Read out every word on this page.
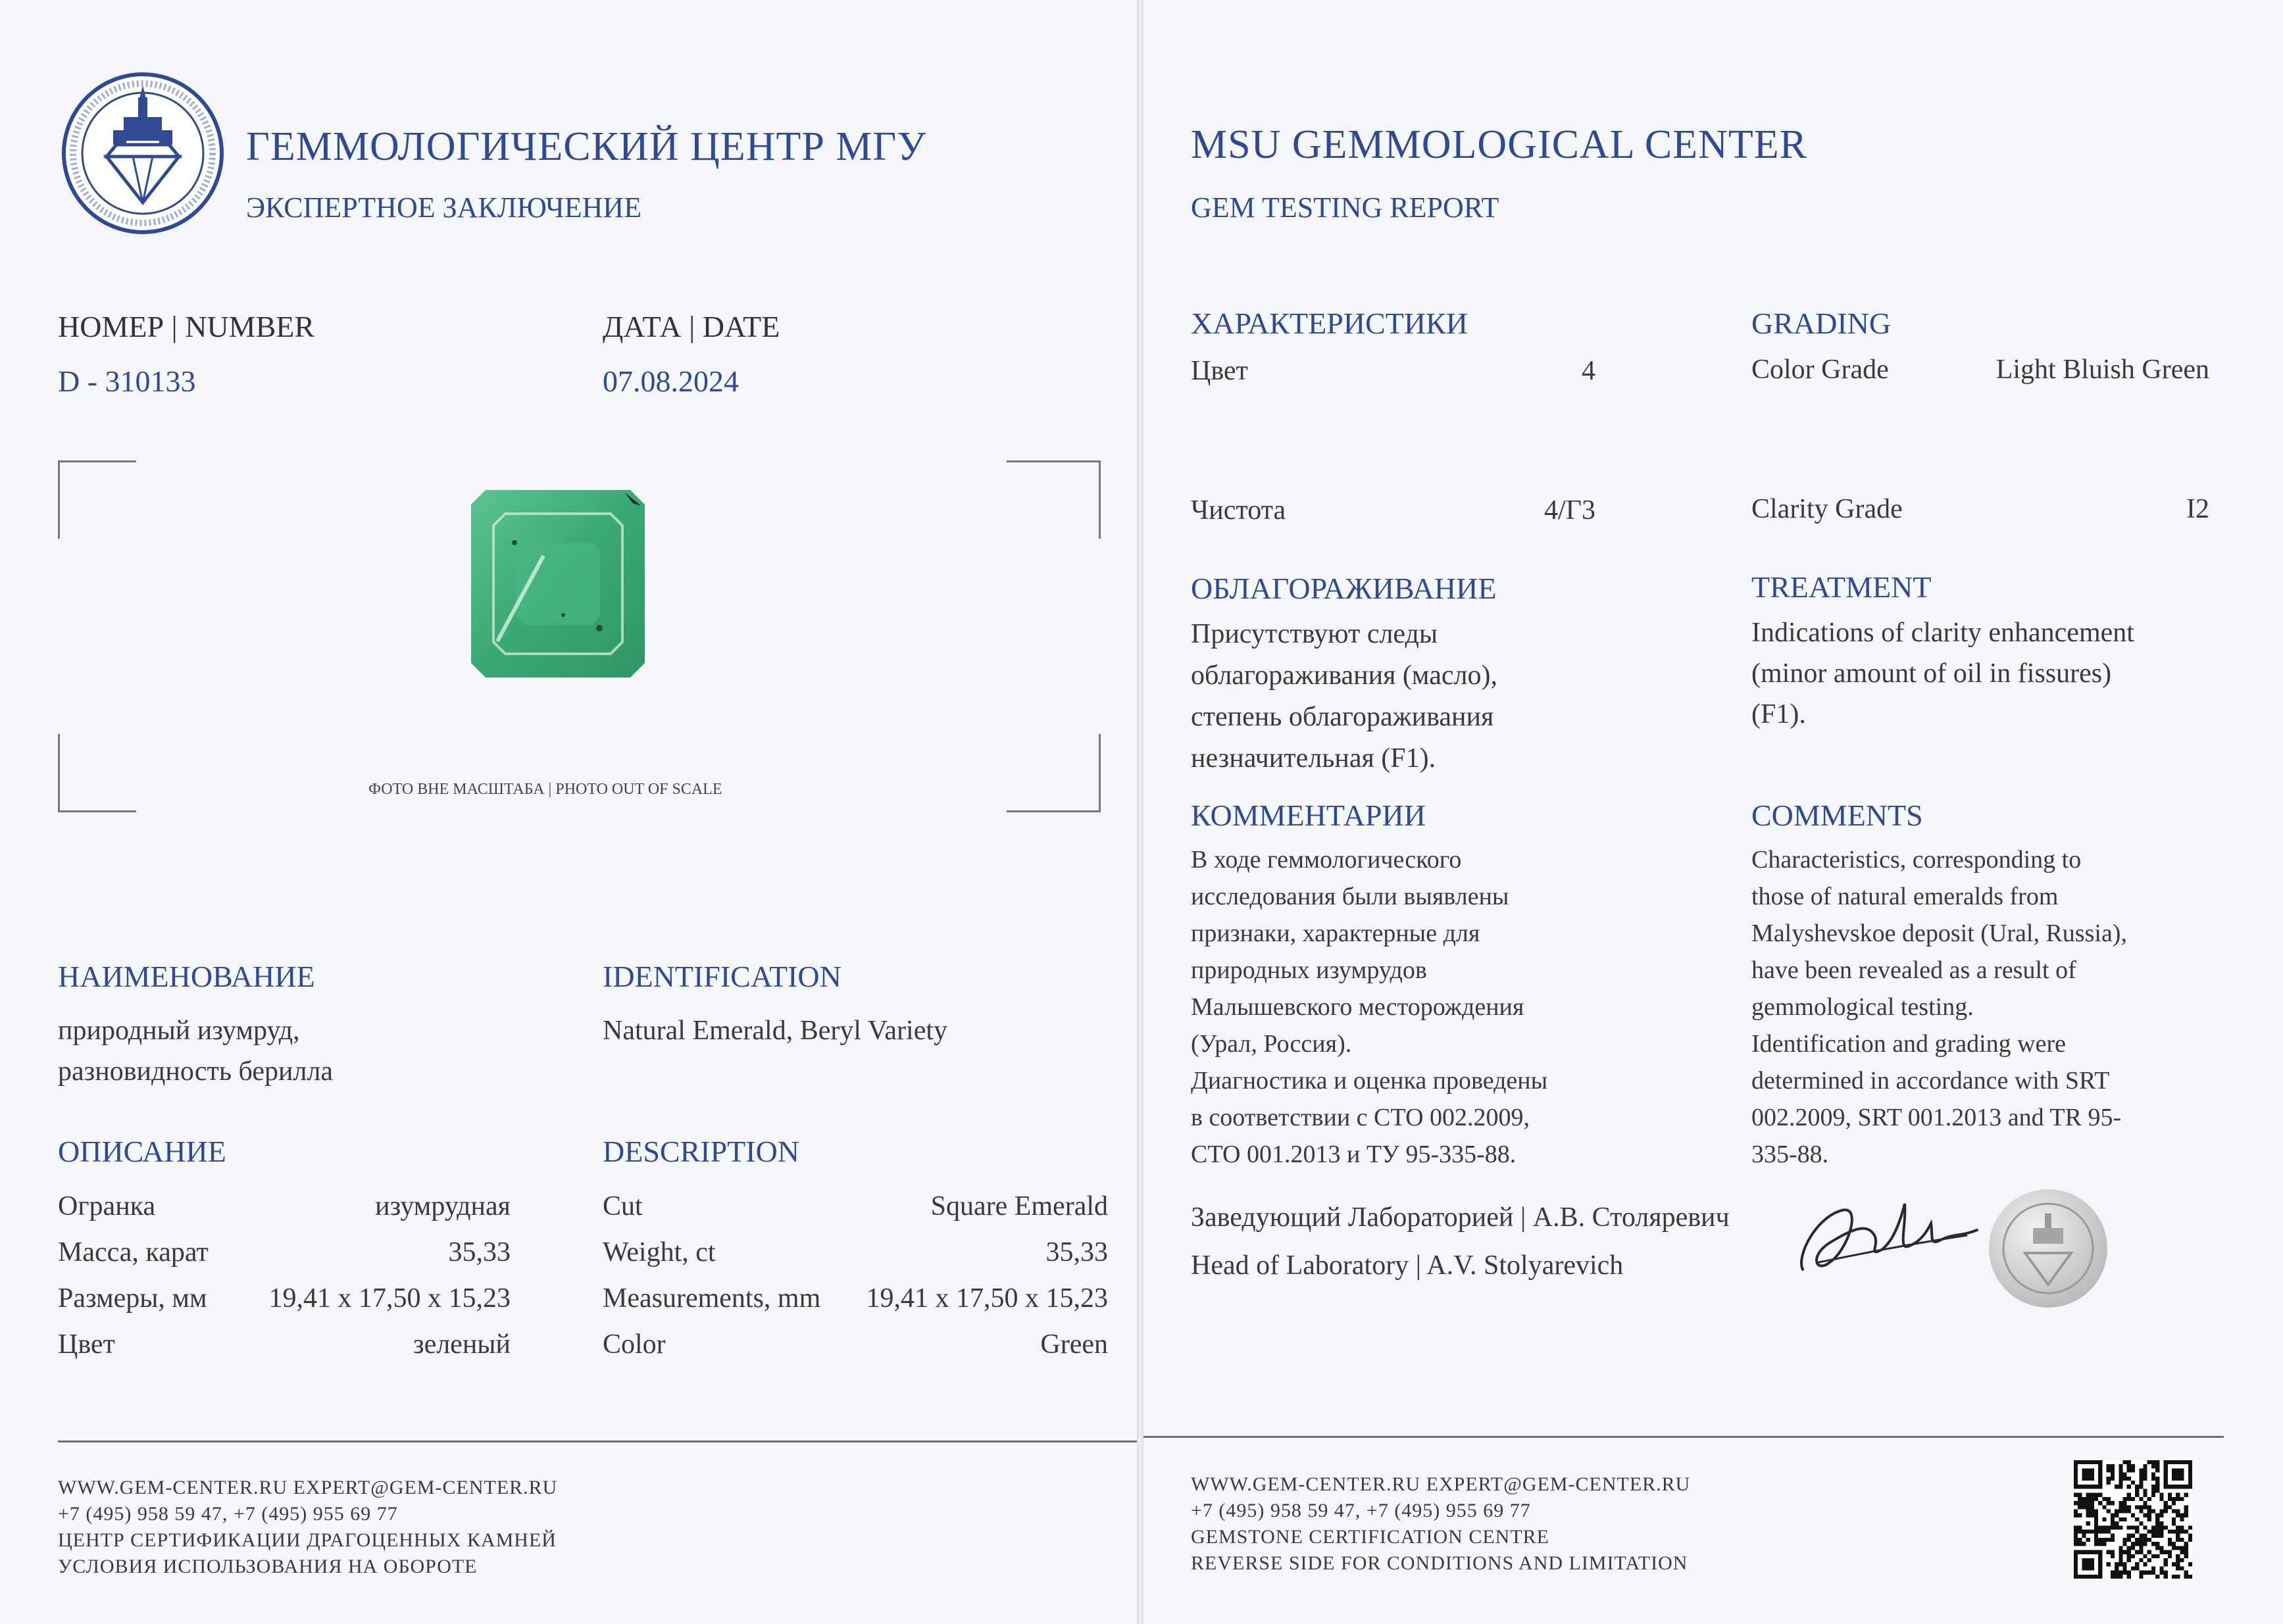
ГЕММОЛОГИЧЕСКИЙ ЦЕНТР МГУ
ЭКСПЕРТНОЕ ЗАКЛЮЧЕНИЕ
НОМЕР | NUMBER
D - 310133
ДАТА | DATE
07.08.2024
ФОТО ВНЕ МАСШТАБА | PHOTO OUT OF SCALE
НАИМЕНОВАНИЕ
природный изумруд,
разновидность берилла
IDENTIFICATION
Natural Emerald, Beryl Variety
ОПИСАНИЕ	DESCRIPTION
Огранка	изумрудная
Масса, карат	35,33
Размеры, мм 19,41 x 17,50 x 15,23
Цвет	зеленый
Cut	Square Emerald
Weight, ct	35,33
Measurements, mm 19,41 x 17,50 x 15,23
Color	Green
WWW.GEM-CENTER.RU EXPERT@GEM-CENTER.RU
+7 (495) 958 59 47, +7 (495) 955 69 77
ЦЕНТР СЕРТИФИКАЦИИ ДРАГОЦЕННЫХ КАМНЕЙ
УСЛОВИЯ ИСПОЛЬЗОВАНИЯ НА ОБОРОТЕ
MSU GEMMOLOGICAL CENTER
GEM TESTING REPORT
ХАРАКТЕРИСТИКИ	GRADING
Цвет	4	Color Grade	Light Bluish Green
Чистота	4/Г3	Clarity Grade	I2
ОБЛАГОРАЖИВАНИЕ	TREATMENT
Присутствуют следы
облагораживания (масло),
степень облагораживания
незначительная (F1).
Indications of clarity enhancement
(minor amount of oil in fissures)
(F1).
КОММЕНТАРИИ	COMMENTS
В ходе геммологического
исследования были выявлены
признаки, характерные для
природных изумрудов
Малышевского месторождения
(Урал, Россия).
Диагностика и оценка проведены
в соответствии с СТО 002.2009,
СТО 001.2013 и ТУ 95-335-88.
Characteristics, corresponding to
those of natural emeralds from
Malyshevskoe deposit (Ural, Russia),
have been revealed as a result of
gemmological testing.
Identification and grading were
determined in accordance with SRT
002.2009, SRT 001.2013 and TR 95-
335-88.
Заведующий Лабораторией | А.В. Столяревич
Head of Laboratory | A.V. Stolyarevich
WWW.GEM-CENTER.RU EXPERT@GEM-CENTER.RU
+7 (495) 958 59 47, +7 (495) 955 69 77
GEMSTONE CERTIFICATION CENTRE
REVERSE SIDE FOR CONDITIONS AND LIMITATION
